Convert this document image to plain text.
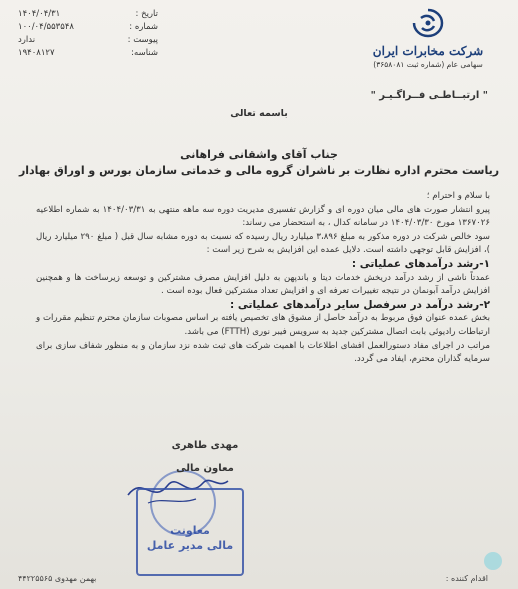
تاریخ :
۱۴۰۴/۰۴/۳۱
شماره :
۱۰۰/۰۴/۵۵۳۵۴۸
پیوست :
ندارد
شناسه:
۱۹۴۰۸۱۲۷	شرکت مخابرات ایران
سهامی عام (شماره ثبت ۳۶۵۸۰۸۱)
" ارتبــاطـی فــراگـیـر "
باسمه تعالی
جناب آقای واشقانی فراهانی
ریاست محترم اداره نظارت بر ناشران گروه مالی و خدماتی سازمان بورس و اوراق بهادار

با سلام و احترام ؛

پیرو انتشار صورت های مالی میان دوره ای و گزارش تفسیری مدیریت دوره سه ماهه منتهی به ۱۴۰۴/۰۳/۳۱ به شماره اطلاعیه ۱۳۶۷۰۲۶ مورخ ۱۴۰۴/۰۳/۳۰ در سامانه کدال ، به استحضار می رساند:

سود خالص شرکت در دوره مذکور به مبلغ ۳،۸۹۶ میلیارد ریال رسیده که نسبت به دوره مشابه سال قبل ( مبلغ ۲۹۰ میلیارد ریال )، افزایش قابل توجهی داشته است. دلایل عمده این افزایش به شرح زیر است :

۱-رشد درآمدهای عملیاتی :

عمدتاً ناشی از رشد درآمد دریخش خدمات دیتا و باندپهن به دلیل افزایش مصرف مشترکین و توسعه زیرساخت ها و همچنین افزایش درآمد آبونمان در نتیجه تغییرات تعرفه ای و افزایش تعداد مشترکین فعال بوده است .

۲-رشد درآمد در سرفصل سایر درآمدهای عملیاتی :

بخش عمده عنوان فوق مربوط به درآمد حاصل از مشوق های تخصیص یافته بر اساس مصوبات سازمان محترم تنظیم مقررات و ارتباطات رادیوئی بابت اتصال مشترکین جدید به سرویس فیبر نوری (FTTH) می باشد.

مراتب در اجرای مفاد دستورالعمل افشای اطلاعات با اهمیت شرکت های ثبت شده نزد سازمان و به منظور شفاف سازی برای سرمایه گذاران محترم، ایفاد می گردد.

مهدی طاهری
معاون مالی
معاونت
مالی مدیر عامل
اقدام کننده :
بهمن مهدوی ۴۴۲۲۵۵۶۵
